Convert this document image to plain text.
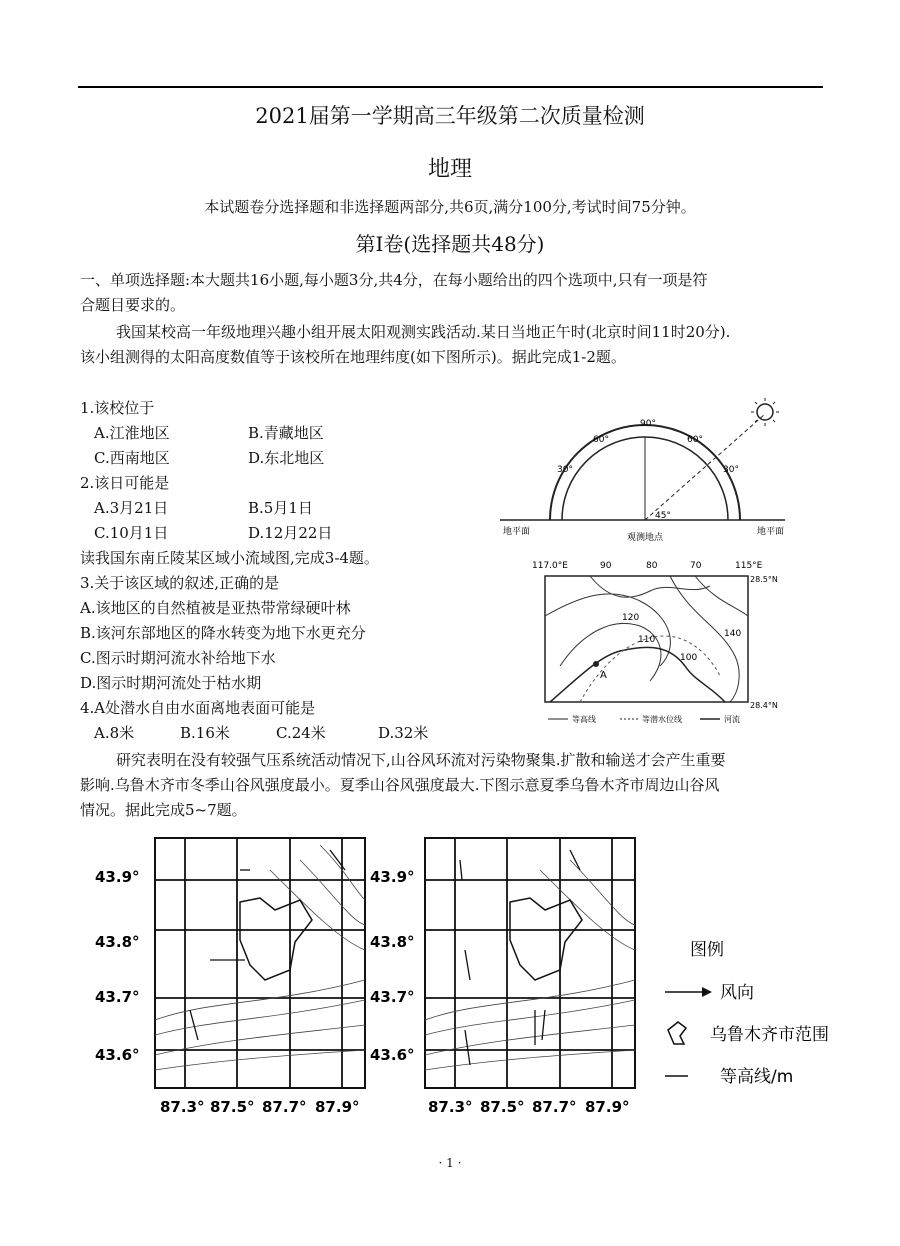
2021届第一学期高三年级第二次质量检测
地理
本试题卷分选择题和非选择题两部分,共6页,满分100分,考试时间75分钟。
第Ⅰ卷(选择题共48分)
一、单项选择题:本大题共16小题,每小题3分,共4分，在每小题给出的四个选项中,只有一项是符
合题目要求的。
我国某校高一年级地理兴趣小组开展太阳观测实践活动.某日当地正午时(北京时间11时20分).
该小组测得的太阳高度数值等于该校所在地理纬度(如下图所示)。据此完成1-2题。
1.该校位于
A.江淮地区	B.青藏地区
C.西南地区	D.东北地区
2.该日可能是
A.3月21日	B.5月1日
C.10月1日	D.12月22日
读我国东南丘陵某区域小流域图,完成3-4题。
3.关于该区域的叙述,正确的是
A.该地区的自然植被是亚热带常绿硬叶林
B.该河东部地区的降水转变为地下水更充分
C.图示时期河流水补给地下水
D.图示时期河流处于枯水期
4.A处潜水自由水面离地表面可能是
A.8米	B.16米	C.24米	D.32米
研究表明在没有较强气压系统活动情况下,山谷风环流对污染物聚集.扩散和输送才会产生重要
影响.乌鲁木齐市冬季山谷风强度最小。夏季山谷风强度最大.下图示意夏季乌鲁木齐市周边山谷风
情况。据此完成5~7题。
90°
60°
30°
60°
30°
45°
地平面	地平面
观测地点
117.0°E	90	80	70	115°E
28.5°N
28.4°N
A
120
110
140
100
等高线	等潜水位线	河流
43.9°
43.8°
43.7°
43.6°
87.3° 87.5° 87.7° 87.9°
43.9°
43.8°
43.7°
43.6°
87.3° 87.5° 87.7° 87.9°
图例
风向
乌鲁木齐市范围
等高线/m
· 1 ·
